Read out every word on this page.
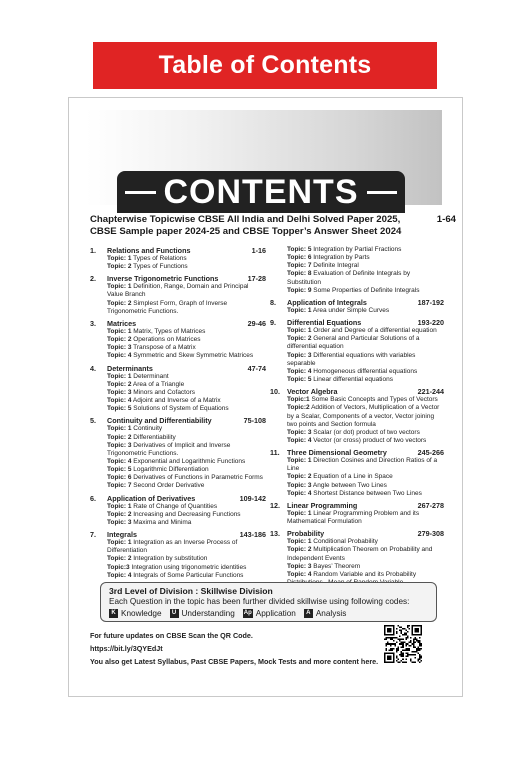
Table of Contents
CONTENTS
Chapterwise Topicwise CBSE All India and Delhi Solved Paper 2025,
CBSE Sample paper 2024-25 and CBSE Topper’s Answer Sheet 2024
1-64
1. Relations and Functions	1-16
Topic: 1 Types of Relations
Topic: 2 Types of Functions
2. Inverse Trigonometric Functions	17-28
Topic: 1 Definition, Range, Domain and Principal Value Branch
Topic: 2 Simplest Form, Graph of Inverse Trigonometric Functions.
3. Matrices	29-46
Topic: 1 Matrix, Types of Matrices
Topic: 2 Operations on Matrices
Topic: 3 Transpose of a Matrix
Topic: 4 Symmetric and Skew Symmetric Matrices
4. Determinants	47-74
Topic: 1 Determinant
Topic: 2 Area of a Triangle
Topic: 3 Minors and Cofactors
Topic: 4 Adjoint and Inverse of a Matrix
Topic: 5 Solutions of System of Equations
5. Continuity and Differentiability	75-108
Topic: 1 Continuity
Topic: 2 Differentiability
Topic: 3 Derivatives of Implicit and Inverse Trigonometric Functions.
Topic: 4 Exponential and Logarithmic Functions
Topic: 5 Logarithmic Differentiation
Topic: 6 Derivatives of Functions in Parametric Forms
Topic: 7 Second Order Derivative
6. Application of Derivatives	109-142
Topic: 1 Rate of Change of Quantities
Topic: 2 Increasing and Decreasing Functions
Topic: 3 Maxima and Minima
7. Integrals	143-186
Topic: 1 Integration as an Inverse Process of Differentiation
Topic: 2 Integration by substitution
Topic:3 Integration using trigonometric identities
Topic: 4 Integrals of Some Particular Functions
Topic: 5 Integration by Partial Fractions
Topic: 6 Integration by Parts
Topic: 7 Definite Integral
Topic: 8 Evaluation of Definite Integrals by Substitution
Topic: 9 Some Properties of Definite Integrals
8. Application of Integrals	187-192
Topic: 1 Area under Simple Curves
9. Differential Equations	193-220
Topic: 1 Order and Degree of a differential equation
Topic: 2 General and Particular Solutions of a differential equation
Topic: 3 Differential equations with variables separable
Topic: 4 Homogeneous differential equations
Topic: 5 Linear differential equations
10. Vector Algebra	221-244
Topic:1 Some Basic Concepts and Types of Vectors
Topic:2 Addition of Vectors, Multiplication of a Vector by a Scalar, Components of a vector, Vector joining two points and Section formula
Topic: 3 Scalar (or dot) product of two vectors
Topic: 4 Vector (or cross) product of two vectors
11. Three Dimensional Geometry	245-266
Topic: 1 Direction Cosines and Direction Ratios of a Line
Topic: 2 Equation of a Line in Space
Topic: 3 Angle between Two Lines
Topic: 4 Shortest Distance between Two Lines
12. Linear Programming	267-278
Topic: 1 Linear Programming Problem and its Mathematical Formulation
13. Probability	279-308
Topic: 1 Conditional Probability
Topic: 2 Multiplication Theorem on Probability and Independent Events
Topic: 3 Bayes’ Theorem
Topic: 4 Random Variable and its Probability
3rd Level of Division : Skillwise Division
Each Question in the topic has been further divided skillwise using following codes:
K Knowledge	U Understanding Ap Application	A Analysis
For future updates on CBSE Scan the QR Code.
https://bit.ly/3QYEdJt
You also get Latest Syllabus, Past CBSE Papers, Mock Tests and more content here.
